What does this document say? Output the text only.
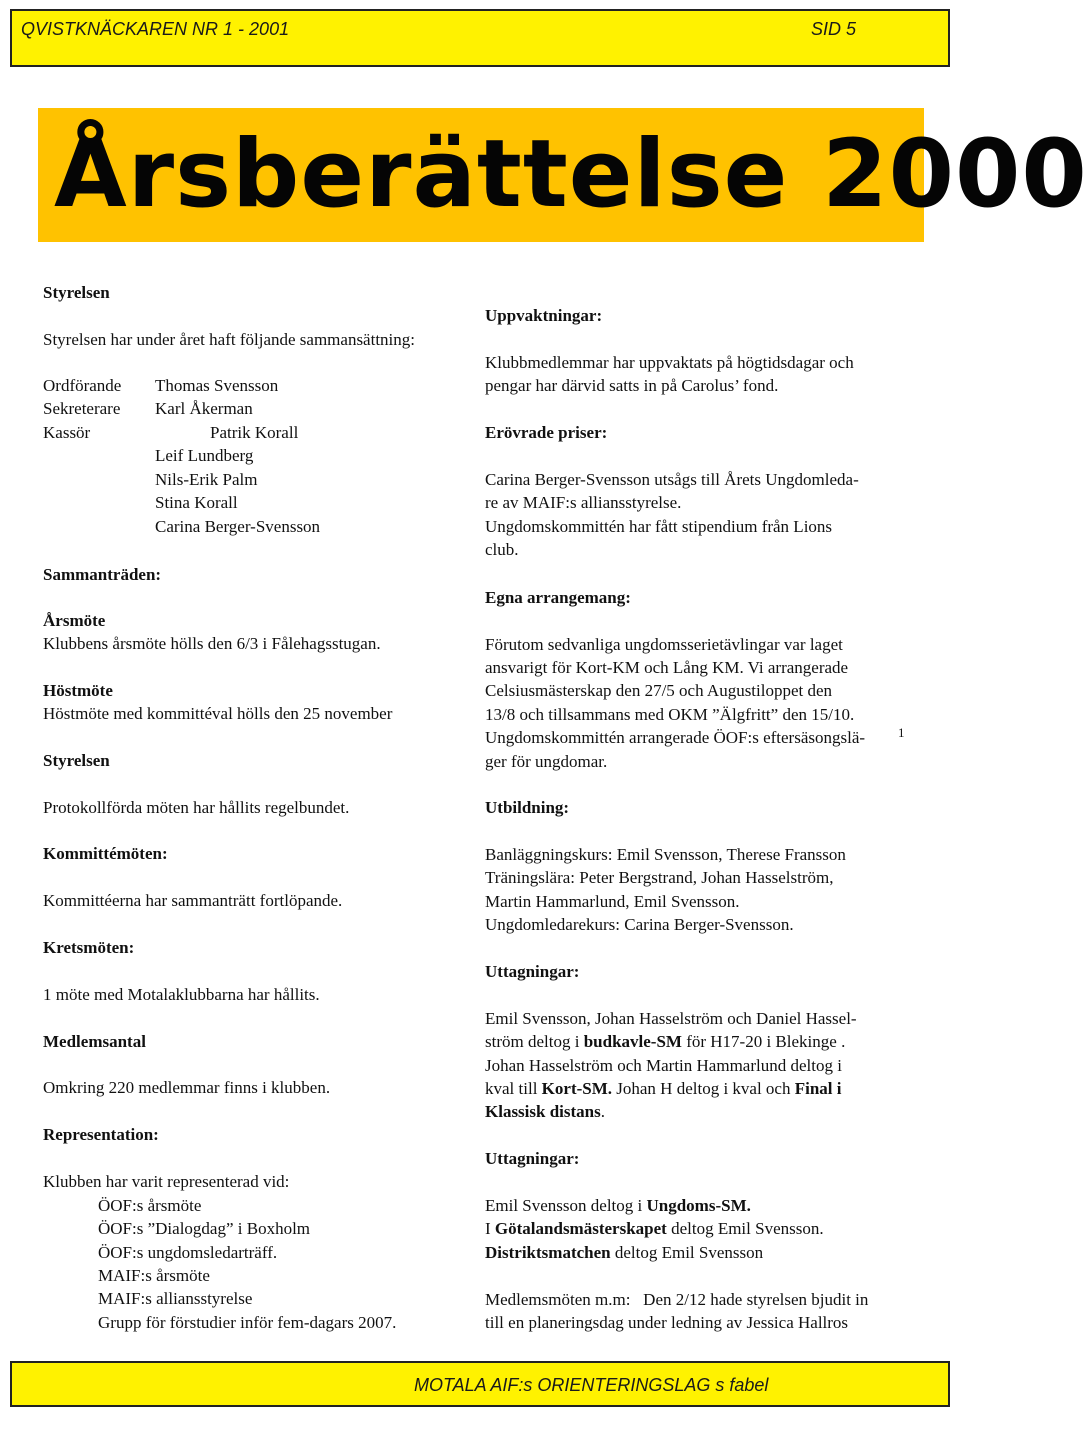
QVISTKNÄCKAREN NR 1 - 2001	SID 5
Årsberättelse 2000
Styrelsen
Styrelsen har under året haft följande sammansättning:
Ordförande Thomas Svensson
Sekreterare Karl Åkerman
Kassör	Patrik Korall
Leif Lundberg
Nils-Erik Palm
Stina Korall
Carina Berger-Svensson
Sammanträden:
Årsmöte
Klubbens årsmöte hölls den 6/3 i Fålehagsstugan.
Höstmöte
Höstmöte med kommittéval hölls den 25 november
Styrelsen
Protokollförda möten har hållits regelbundet.
Kommittémöten:
Kommittéerna har sammanträtt fortlöpande.
Kretsmöten:
1 möte med Motalaklubbarna har hållits.
Medlemsantal
Omkring 220 medlemmar finns i klubben.
Representation:
Klubben har varit representerad vid:
ÖOF:s årsmöte
ÖOF:s ”Dialogdag” i Boxholm
ÖOF:s ungdomsledarträff.
MAIF:s årsmöte
MAIF:s alliansstyrelse
Grupp för förstudier inför fem-dagars 2007.
Uppvaktningar:
Klubbmedlemmar har uppvaktats på högtidsdagar och
pengar har därvid satts in på Carolus’ fond.
Erövrade priser:
Carina Berger-Svensson utsågs till Årets Ungdomleda-
re av MAIF:s alliansstyrelse.
Ungdomskommittén har fått stipendium från Lions
club.
Egna arrangemang:
Förutom sedvanliga ungdomsserietävlingar var laget
ansvarigt för Kort-KM och Lång KM. Vi arrangerade
Celsiusmästerskap den 27/5 och Augustiloppet den
13/8 och tillsammans med OKM ”Älgfritt” den 15/10.
Ungdomskommittén arrangerade ÖOF:s eftersäsongslä-
ger för ungdomar.
1
Utbildning:
Banläggningskurs: Emil Svensson, Therese Fransson
Träningslära: Peter Bergstrand, Johan Hasselström,
Martin Hammarlund, Emil Svensson.
Ungdomledarekurs: Carina Berger-Svensson.
Uttagningar:
Emil Svensson, Johan Hasselström och Daniel Hassel-
ström deltog i budkavle-SM för H17-20 i Blekinge .
Johan Hasselström och Martin Hammarlund deltog i
kval till Kort-SM. Johan H deltog i kval och Final i
Klassisk distans.
Uttagningar:
Emil Svensson deltog i Ungdoms-SM.
I Götalandsmästerskapet deltog Emil Svensson.
Distriktsmatchen deltog Emil Svensson
Medlemsmöten m.m:   Den 2/12 hade styrelsen bjudit in
till en planeringsdag under ledning av Jessica Hallros
MOTALA AIF:s ORIENTERINGSLAG s fabel
